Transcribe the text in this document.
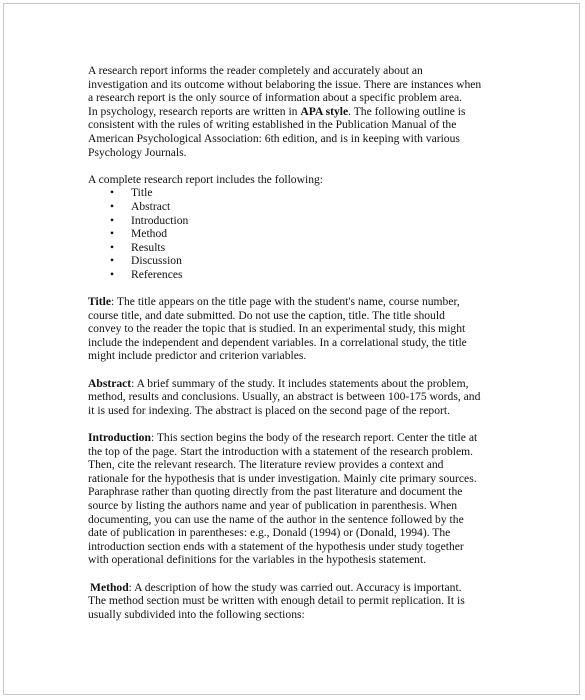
A research report informs the reader completely and accurately about an

investigation and its outcome without belaboring the issue. There are instances when

a research report is the only source of information about a specific problem area.

In psychology, research reports are written in APA style. The following outline is

consistent with the rules of writing established in the Publication Manual of the

American Psychological Association: 6th edition, and is in keeping with various

Psychology Journals.

A complete research report includes the following:

• Title
• Abstract
• Introduction
• Method
• Results
• Discussion
• References

Title: The title appears on the title page with the student's name, course number,

course title, and date submitted. Do not use the caption, title. The title should

convey to the reader the topic that is studied. In an experimental study, this might

include the independent and dependent variables. In a correlational study, the title

might include predictor and criterion variables.

Abstract: A brief summary of the study. It includes statements about the problem,

method, results and conclusions. Usually, an abstract is between 100-175 words, and

it is used for indexing. The abstract is placed on the second page of the report.

Introduction: This section begins the body of the research report. Center the title at

the top of the page. Start the introduction with a statement of the research problem.

Then, cite the relevant research. The literature review provides a context and

rationale for the hypothesis that is under investigation. Mainly cite primary sources.

Paraphrase rather than quoting directly from the past literature and document the

source by listing the authors name and year of publication in parenthesis. When

documenting, you can use the name of the author in the sentence followed by the

date of publication in parentheses: e.g., Donald (1994) or (Donald, 1994). The

introduction section ends with a statement of the hypothesis under study together

with operational definitions for the variables in the hypothesis statement.

Method: A description of how the study was carried out. Accuracy is important.

The method section must be written with enough detail to permit replication. It is

usually subdivided into the following sections:
